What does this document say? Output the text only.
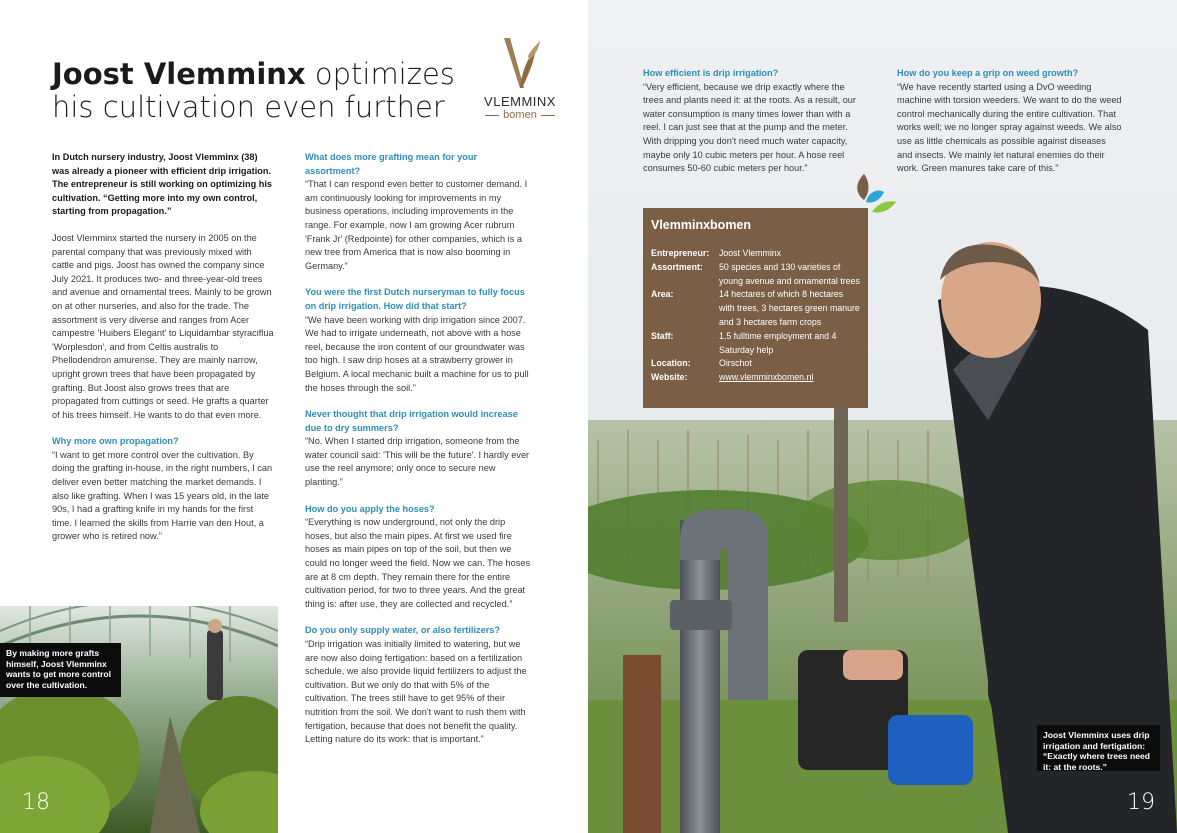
Joost Vlemminx optimizes his cultivation even further	VLEMMINX
bomen

In Dutch nursery industry, Joost Vlemminx (38) was already a pioneer with efficient drip irrigation. The entrepreneur is still working on optimizing his cultivation. “Getting more into my own control, starting from propagation.”

Joost Vlemminx started the nursery in 2005 on the parental company that was previously mixed with cattle and pigs. Joost has owned the company since July 2021. It produces two- and three-year-old trees and avenue and ornamental trees. Mainly to be grown on at other nurseries, and also for the trade. The assortment is very diverse and ranges from Acer campestre 'Huibers Elegant' to Liquidambar styraciflua 'Worplesdon', and from Celtis australis to Phellodendron amurense. They are mainly narrow, upright grown trees that have been propagated by grafting. But Joost also grows trees that are propagated from cuttings or seed. He grafts a quarter of his trees himself. He wants to do that even more.

Why more own propagation?

“I want to get more control over the cultivation. By doing the grafting in-house, in the right numbers, I can deliver even better matching the market demands. I also like grafting. When I was 15 years old, in the late 90s, I had a grafting knife in my hands for the first time. I learned the skills from Harrie van den Hout, a grower who is retired now.”

What does more grafting mean for your assortment?

“That I can respond even better to customer demand. I am continuously looking for improvements in my business operations, including improvements in the range. For example, now I am growing Acer rubrum 'Frank Jr' (Redpointe) for other companies, which is a new tree from America that is now also booming in Germany.”

You were the first Dutch nurseryman to fully focus on drip irrigation. How did that start?

“We have been working with drip irrigation since 2007. We had to irrigate underneath, not above with a hose reel, because the iron content of our groundwater was too high. I saw drip hoses at a strawberry grower in Belgium. A local mechanic built a machine for us to pull the hoses through the soil.”

Never thought that drip irrigation would increase due to dry summers?

“No. When I started drip irrigation, someone from the water council said: 'This will be the future'. I hardly ever use the reel anymore; only once to secure new planting.”

How do you apply the hoses?

“Everything is now underground, not only the drip hoses, but also the main pipes. At first we used fire hoses as main pipes on top of the soil, but then we could no longer weed the field. Now we can. The hoses are at 8 cm depth. They remain there for the entire cultivation period, for two to three years. And the great thing is: after use, they are collected and recycled.”

Do you only supply water, or also fertilizers?

“Drip irrigation was initially limited to watering, but we are now also doing fertigation: based on a fertilization schedule, we also provide liquid fertilizers to adjust the cultivation. But we only do that with 5% of the cultivation. The trees still have to get 95% of their nutrition from the soil. We don't want to rush them with fertigation, because that does not benefit the quality. Letting nature do its work: that is important.”

By making more grafts himself, Joost Vlemminx wants to get more control over the cultivation.
18	19
How efficient is drip irrigation?

“Very efficient, because we drip exactly where the trees and plants need it: at the roots. As a result, our water consumption is many times lower than with a reel. I can just see that at the pump and the meter. With dripping you don't need much water capacity, maybe only 10 cubic meters per hour. A hose reel consumes 50-60 cubic meters per hour.”

How do you keep a grip on weed growth?

“We have recently started using a DvO weeding machine with torsion weeders. We want to do the weed control mechanically during the entire cultivation. That works well; we no longer spray against weeds. We also use as little chemicals as possible against diseases and insects. We mainly let natural enemies do their work. Green manures take care of this.”

Vlemminxbomen
Entrepreneur:	Joost Vlemminx
Assortment:	50 species and 130 varieties of young avenue and ornamental trees
Area:	14 hectares of which 8 hectares with trees, 3 hectares green manure and 3 hectares farm crops
Staff:	1,5 fulltime employment and 4 Saturday help
Location:	Oirschot
Website:	www.vlemminxbomen.nl
Joost Vlemminx uses drip irrigation and fertigation: “Exactly where trees need it: at the roots.”
